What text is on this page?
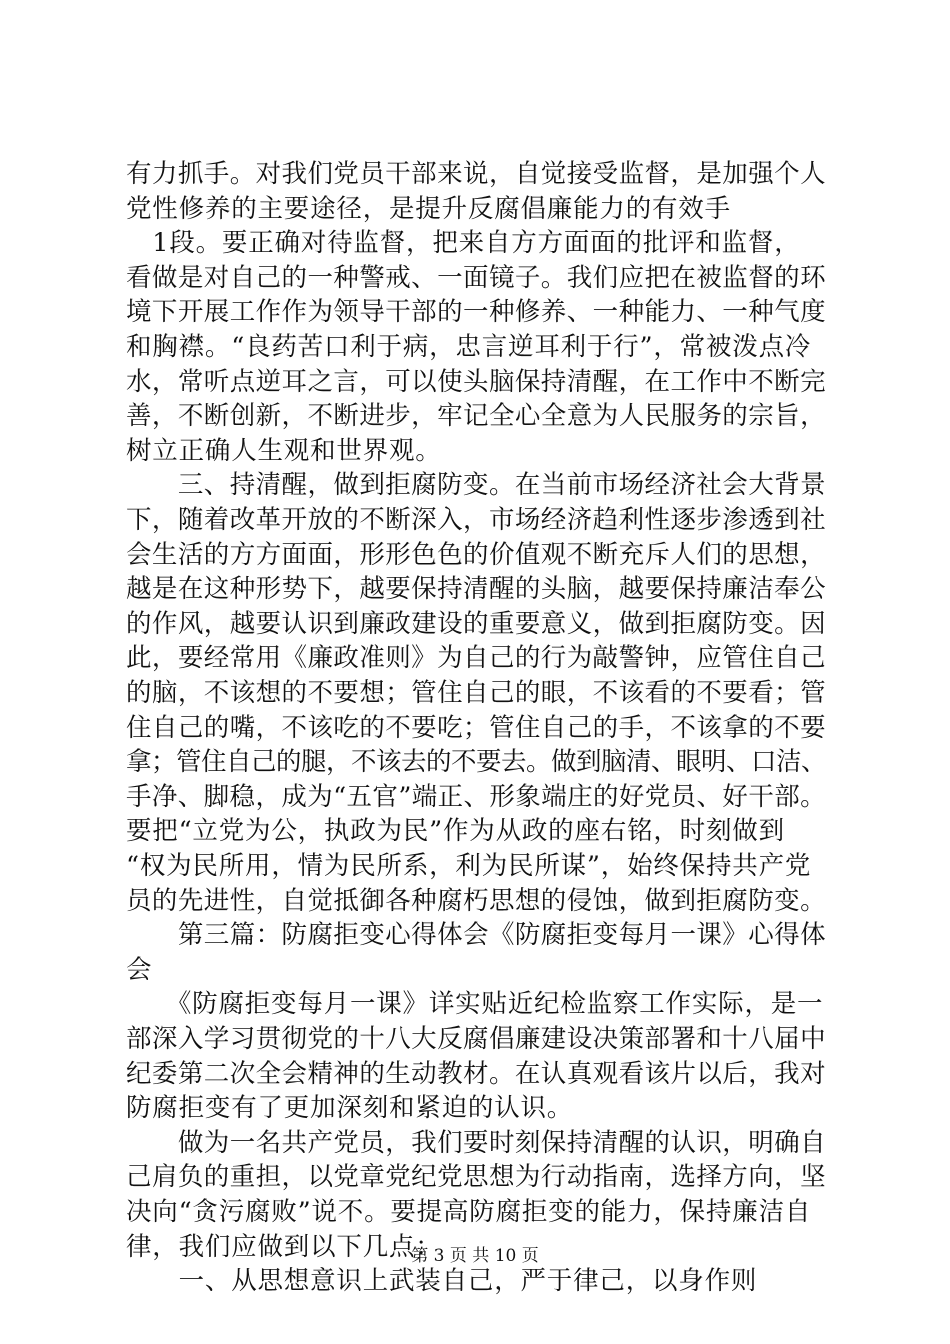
有力抓手。对我们党员干部来说，自觉接受监督，是加强个人
党性修养的主要途径，是提升反腐倡廉能力的有效手
　1段。要正确对待监督，把来自方方面面的批评和监督，
看做是对自己的一种警戒、一面镜子。我们应把在被监督的环
境下开展工作作为领导干部的一种修养、一种能力、一种气度
和胸襟。“良药苦口利于病，忠言逆耳利于行”，常被泼点冷
水，常听点逆耳之言，可以使头脑保持清醒，在工作中不断完
善，不断创新，不断进步，牢记全心全意为人民服务的宗旨，
树立正确人生观和世界观。
　　三、持清醒，做到拒腐防变。在当前市场经济社会大背景
下，随着改革开放的不断深入，市场经济趋利性逐步渗透到社
会生活的方方面面，形形色色的价值观不断充斥人们的思想，
越是在这种形势下，越要保持清醒的头脑，越要保持廉洁奉公
的作风，越要认识到廉政建设的重要意义，做到拒腐防变。因
此，要经常用《廉政准则》为自己的行为敲警钟，应管住自己
的脑，不该想的不要想；管住自己的眼，不该看的不要看；管
住自己的嘴，不该吃的不要吃；管住自己的手，不该拿的不要
拿；管住自己的腿，不该去的不要去。做到脑清、眼明、口洁、
手净、脚稳，成为“五官”端正、形象端庄的好党员、好干部。
要把“立党为公，执政为民”作为从政的座右铭，时刻做到
“权为民所用，情为民所系，利为民所谋”，始终保持共产党
员的先进性，自觉抵御各种腐朽思想的侵蚀，做到拒腐防变。
　　第三篇：防腐拒变心得体会《防腐拒变每月一课》心得体
会
　　《防腐拒变每月一课》详实贴近纪检监察工作实际，是一
部深入学习贯彻党的十八大反腐倡廉建设决策部署和十八届中
纪委第二次全会精神的生动教材。在认真观看该片以后，我对
防腐拒变有了更加深刻和紧迫的认识。
　　做为一名共产党员，我们要时刻保持清醒的认识，明确自
己肩负的重担，以党章党纪党思想为行动指南，选择方向，坚
决向“贪污腐败”说不。要提高防腐拒变的能力，保持廉洁自
律，我们应做到以下几点：
　　一、从思想意识上武装自己，严于律己，以身作则
第 3 页 共 10 页
